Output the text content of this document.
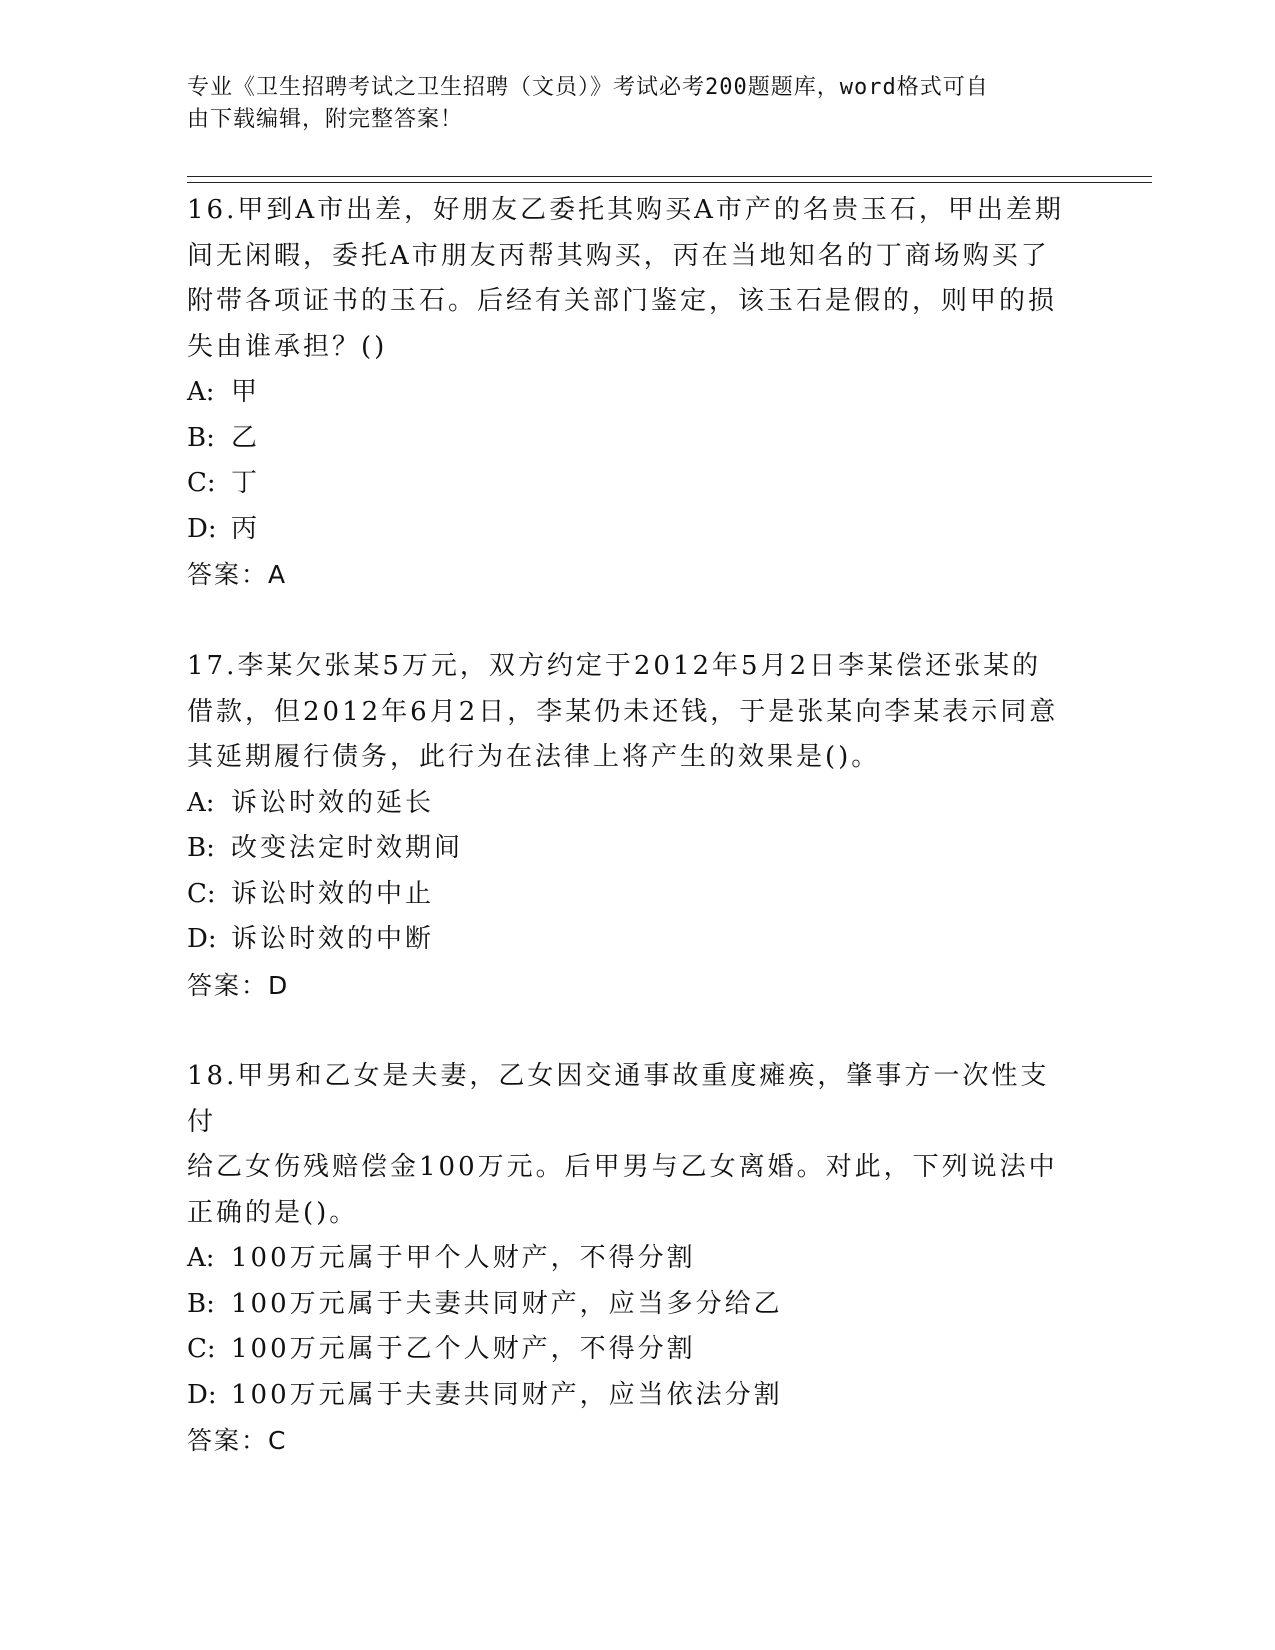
专业《卫生招聘考试之卫生招聘（文员）》考试必考200题题库，word格式可自
由下载编辑，附完整答案！

16.甲到A市出差，好朋友乙委托其购买A市产的名贵玉石，甲出差期

间无闲暇，委托A市朋友丙帮其购买，丙在当地知名的丁商场购买了

附带各项证书的玉石。后经有关部门鉴定，该玉石是假的，则甲的损

失由谁承担？()

A: 甲

B: 乙

C: 丁

D: 丙

答案：A

17.李某欠张某5万元，双方约定于2012年5月2日李某偿还张某的

借款，但2012年6月2日，李某仍未还钱，于是张某向李某表示同意

其延期履行债务，此行为在法律上将产生的效果是()。

A: 诉讼时效的延长

B: 改变法定时效期间

C: 诉讼时效的中止

D: 诉讼时效的中断

答案：D

18.甲男和乙女是夫妻，乙女因交通事故重度瘫痪，肇事方一次性支付

给乙女伤残赔偿金100万元。后甲男与乙女离婚。对此，下列说法中

正确的是()。

A: 100万元属于甲个人财产，不得分割

B: 100万元属于夫妻共同财产，应当多分给乙

C: 100万元属于乙个人财产，不得分割

D: 100万元属于夫妻共同财产，应当依法分割

答案：C
